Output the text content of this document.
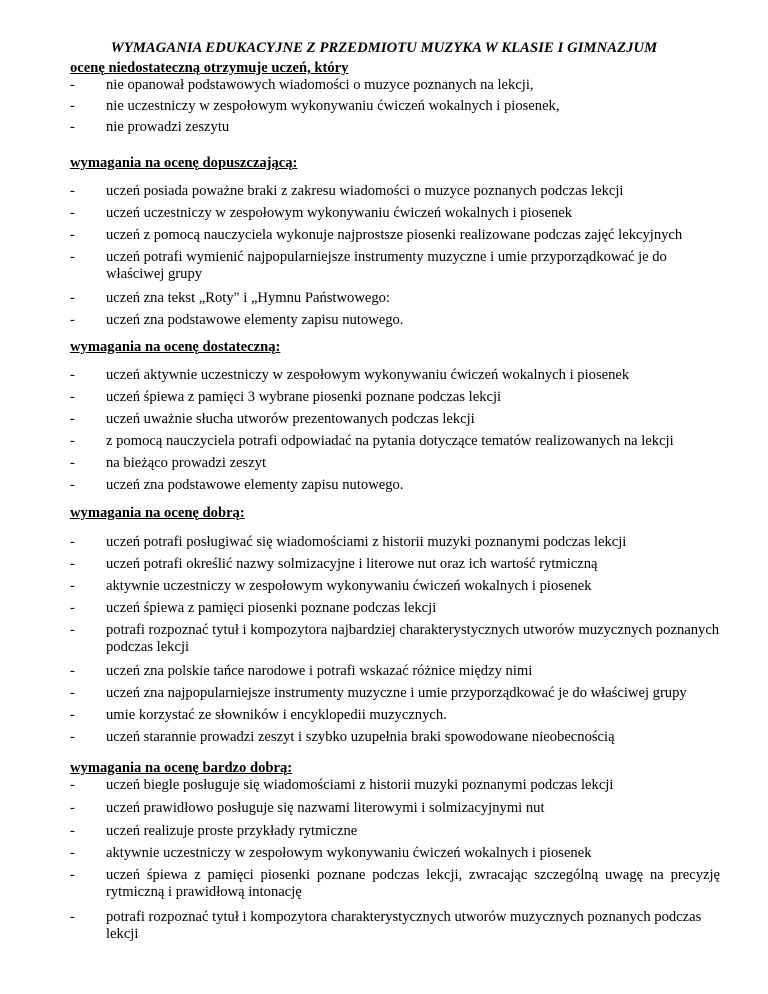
WYMAGANIA EDUKACYJNE Z PRZEDMIOTU MUZYKA W KLASIE I GIMNAZJUM
ocenę niedostateczną otrzymuje uczeń, który
- nie opanował podstawowych wiadomości o muzyce poznanych na lekcji,
- nie uczestniczy w zespołowym wykonywaniu ćwiczeń wokalnych i piosenek,
- nie prowadzi zeszytu
wymagania na ocenę dopuszczającą:
- uczeń posiada poważne braki z zakresu wiadomości o muzyce poznanych podczas lekcji
- uczeń uczestniczy w zespołowym wykonywaniu ćwiczeń wokalnych i piosenek
- uczeń z pomocą nauczyciela wykonuje najprostsze piosenki realizowane podczas zajęć lekcyjnych
- uczeń potrafi wymienić najpopularniejsze instrumenty muzyczne i umie przyporządkować je do właściwej grupy
- uczeń zna tekst „Roty" i „Hymnu Państwowego:
- uczeń zna podstawowe elementy zapisu nutowego.
wymagania na ocenę dostateczną:
- uczeń aktywnie uczestniczy w zespołowym wykonywaniu ćwiczeń wokalnych i piosenek
- uczeń śpiewa z pamięci 3 wybrane piosenki poznane podczas lekcji
- uczeń uważnie słucha utworów prezentowanych podczas lekcji
- z pomocą nauczyciela potrafi odpowiadać na pytania dotyczące tematów realizowanych na lekcji
- na bieżąco prowadzi zeszyt
- uczeń zna podstawowe elementy zapisu nutowego.
wymagania na ocenę dobrą:
- uczeń potrafi posługiwać się wiadomościami z historii muzyki poznanymi podczas lekcji
- uczeń potrafi określić nazwy solmizacyjne i literowe nut oraz ich wartość rytmiczną
- aktywnie uczestniczy w zespołowym wykonywaniu ćwiczeń wokalnych i piosenek
- uczeń śpiewa z pamięci piosenki poznane podczas lekcji
- potrafi rozpoznać tytuł i kompozytora najbardziej charakterystycznych utworów muzycznych poznanych podczas lekcji
- uczeń zna polskie tańce narodowe i potrafi wskazać różnice między nimi
- uczeń zna najpopularniejsze instrumenty muzyczne i umie przyporządkować je do właściwej grupy
- umie korzystać ze słowników i encyklopedii muzycznych.
- uczeń starannie prowadzi zeszyt i szybko uzupełnia braki spowodowane nieobecnością
wymagania na ocenę bardzo dobrą:
- uczeń biegle posługuje się wiadomościami z historii muzyki poznanymi podczas lekcji
- uczeń prawidłowo posługuje się nazwami literowymi i solmizacyjnymi nut
- uczeń realizuje proste przykłady rytmiczne
- aktywnie uczestniczy w zespołowym wykonywaniu ćwiczeń wokalnych i piosenek
- uczeń śpiewa z pamięci piosenki poznane podczas lekcji, zwracając szczególną uwagę na precyzję rytmiczną i prawidłową intonację
- potrafi rozpoznać tytuł i kompozytora charakterystycznych utworów muzycznych poznanych podczas lekcji
